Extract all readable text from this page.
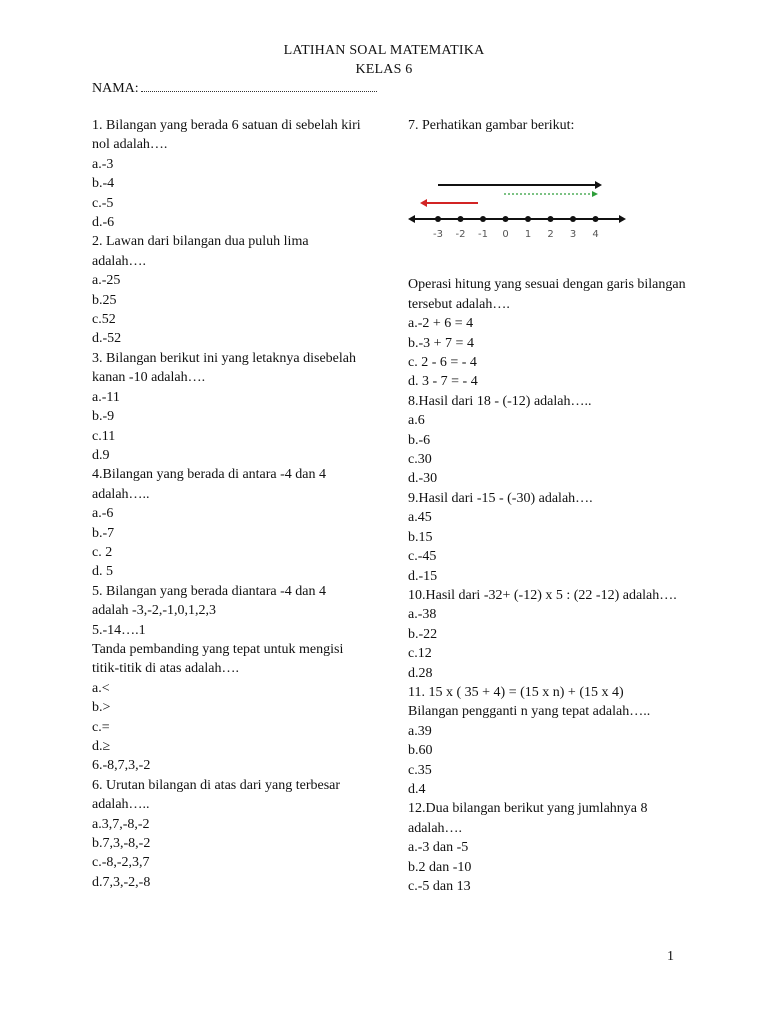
LATIHAN SOAL MATEMATIKA
KELAS 6
NAMA:
1. Bilangan yang berada 6 satuan di sebelah kiri nol adalah….
a.-3
b.-4
c.-5
d.-6
2. Lawan dari bilangan dua puluh lima adalah….
a.-25
b.25
c.52
d.-52
3. Bilangan berikut ini yang letaknya disebelah kanan -10 adalah….
a.-11
b.-9
c.11
d.9
4.Bilangan yang berada di antara -4 dan 4 adalah…..
a.-6
b.-7
c. 2
d. 5
5. Bilangan yang berada diantara -4 dan 4 adalah -3,-2,-1,0,1,2,3
5.-14….1
Tanda pembanding yang tepat untuk mengisi titik-titik di atas adalah….
a.<
b.>
c.=
d.≥
6.-8,7,3,-2
6. Urutan bilangan di atas dari yang terbesar adalah…..
a.3,7,-8,-2
b.7,3,-8,-2
c.-8,-2,3,7
d.7,3,-2,-8
7. Perhatikan gambar berikut:
-3 -2 -1 0 1 2 3 4
Operasi hitung yang sesuai dengan garis bilangan tersebut adalah….
a.-2 + 6 = 4
b.-3 + 7 = 4
c. 2 - 6 = - 4
d. 3 - 7 = - 4
8.Hasil dari 18 - (-12) adalah…..
a.6
b.-6
c.30
d.-30
9.Hasil dari -15 - (-30) adalah….
a.45
b.15
c.-45
d.-15
10.Hasil dari -32+ (-12) x 5 : (22 -12) adalah….
a.-38
b.-22
c.12
d.28
11. 15 x ( 35 + 4) = (15 x n) + (15 x 4)
Bilangan pengganti n yang tepat adalah…..
a.39
b.60
c.35
d.4
12.Dua bilangan berikut yang jumlahnya 8 adalah….
a.-3 dan -5
b.2 dan -10
c.-5 dan 13
1
